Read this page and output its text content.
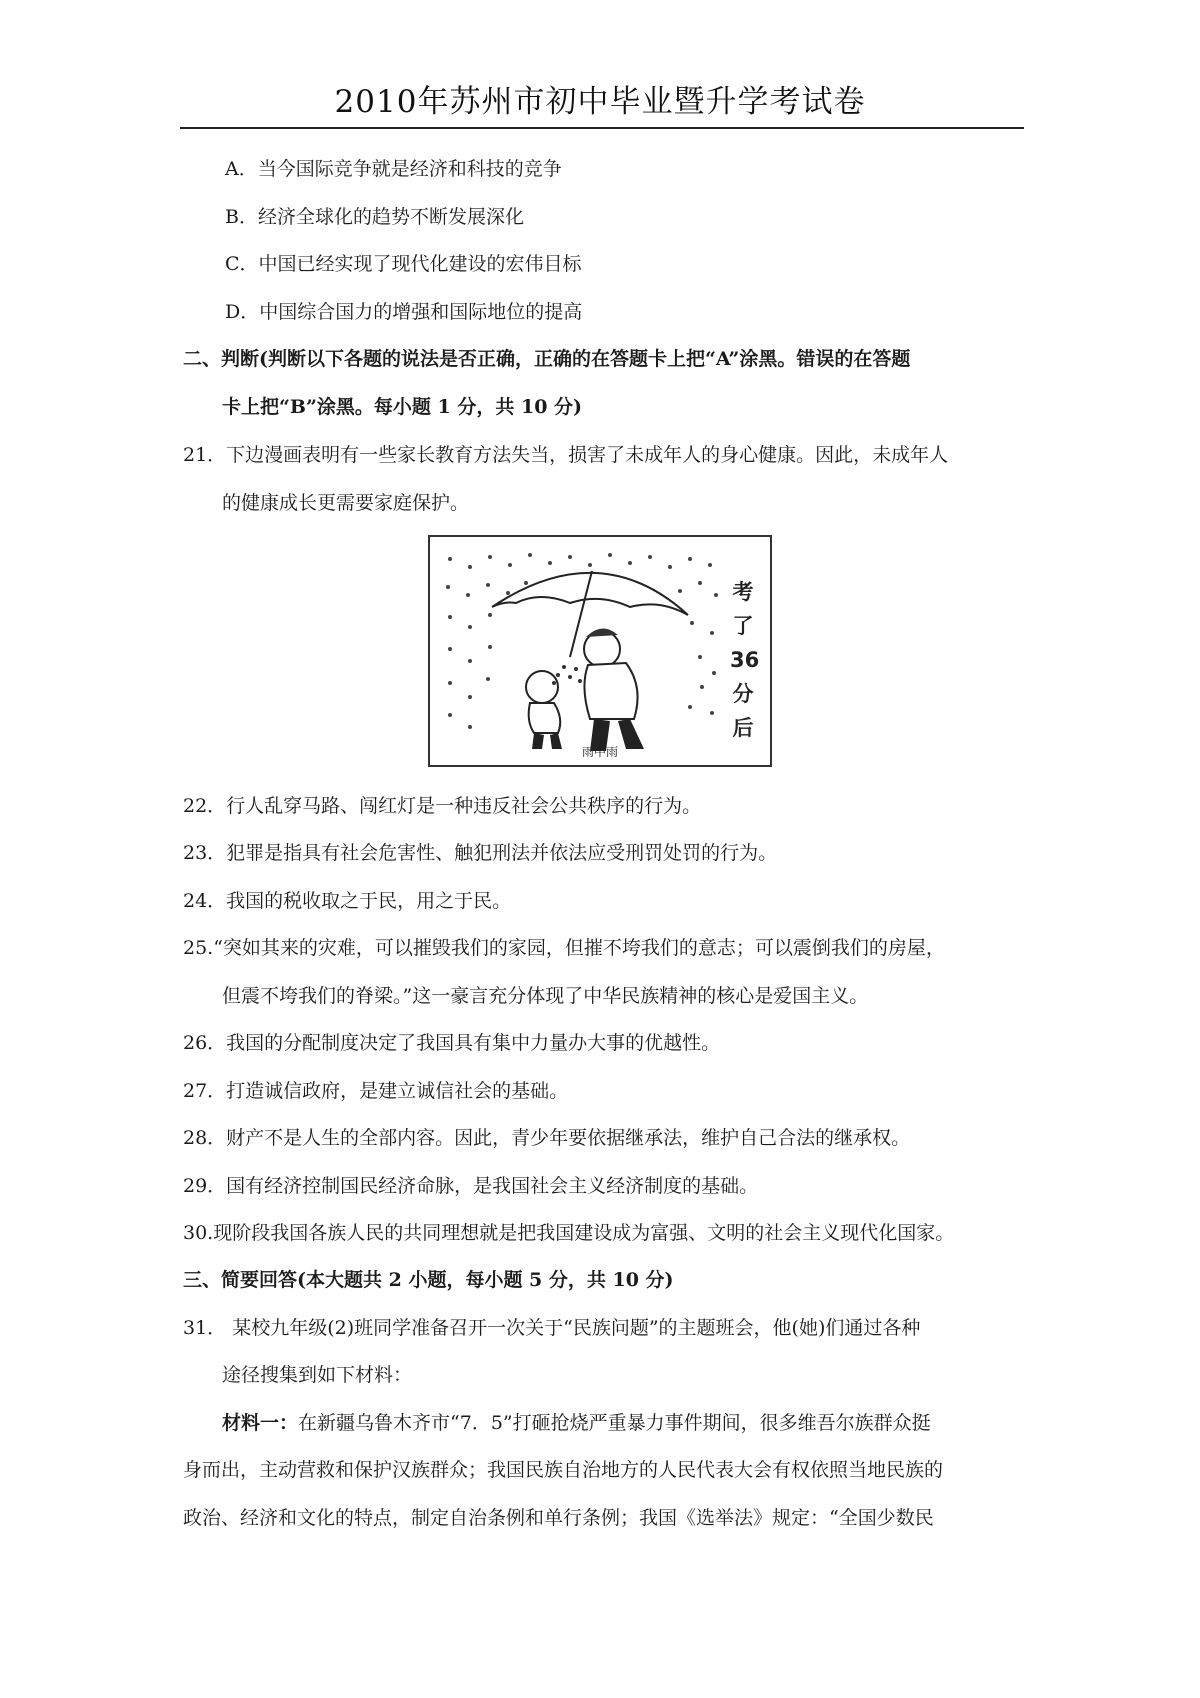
2010年苏州市初中毕业暨升学考试卷
A．当今国际竞争就是经济和科技的竞争
B．经济全球化的趋势不断发展深化
C．中国已经实现了现代化建设的宏伟目标
D．中国综合国力的增强和国际地位的提高
二、判断(判断以下各题的说法是否正确，正确的在答题卡上把“A”涂黑。错误的在答题
卡上把“B”涂黑。每小题 1 分，共 10 分)
21．下边漫画表明有一些家长教育方法失当，损害了未成年人的身心健康。因此，未成年人
的健康成长更需要家庭保护。
考
了
36
分
后
雨中雨
22．行人乱穿马路、闯红灯是一种违反社会公共秩序的行为。
23．犯罪是指具有社会危害性、触犯刑法并依法应受刑罚处罚的行为。
24．我国的税收取之于民，用之于民。
25.“突如其来的灾难，可以摧毁我们的家园，但摧不垮我们的意志；可以震倒我们的房屋，
但震不垮我们的脊梁。”这一豪言充分体现了中华民族精神的核心是爱国主义。
26．我国的分配制度决定了我国具有集中力量办大事的优越性。
27．打造诚信政府，是建立诚信社会的基础。
28．财产不是人生的全部内容。因此，青少年要依据继承法，维护自己合法的继承权。
29．国有经济控制国民经济命脉，是我国社会主义经济制度的基础。
30.现阶段我国各族人民的共同理想就是把我国建设成为富强、文明的社会主义现代化国家。
三、简要回答(本大题共 2 小题，每小题 5 分，共 10 分)
31． 某校九年级(2)班同学准备召开一次关于“民族问题”的主题班会，他(她)们通过各种
途径搜集到如下材料：
材料一：在新疆乌鲁木齐市“7．5”打砸抢烧严重暴力事件期间，很多维吾尔族群众挺
身而出，主动营救和保护汉族群众；我国民族自治地方的人民代表大会有权依照当地民族的
政治、经济和文化的特点，制定自治条例和单行条例；我国《选举法》规定：“全国少数民
